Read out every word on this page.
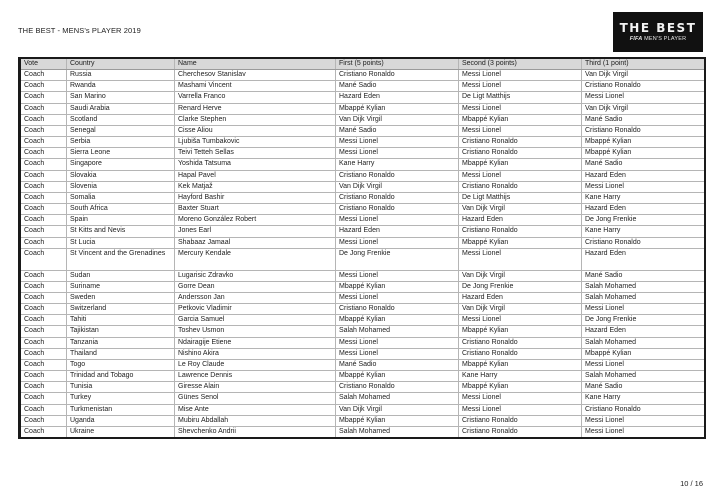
THE BEST - MENS's PLAYER 2019	THE BEST
FIFA MEN'S PLAYER
Vote	Country	Name	First (5 points)	Second (3 points)	Third (1 point)
Coach	Russia	Cherchesov Stanislav	Cristiano Ronaldo	Messi Lionel	Van Dijk Virgil
Coach	Rwanda	Mashami Vincent	Mané Sadio	Messi Lionel	Cristiano Ronaldo
Coach	San Marino	Varrella Franco	Hazard Eden	De Ligt Matthijs	Messi Lionel
Coach	Saudi Arabia	Renard Herve	Mbappé Kylian	Messi Lionel	Van Dijk Virgil
Coach	Scotland	Clarke Stephen	Van Dijk Virgil	Mbappé Kylian	Mané Sadio
Coach	Senegal	Cisse Aliou	Mané Sadio	Messi Lionel	Cristiano Ronaldo
Coach	Serbia	Ljubiša Tumbakovic	Messi Lionel	Cristiano Ronaldo	Mbappé Kylian
Coach	Sierra Leone	Teivi Tetteh Sellas	Messi Lionel	Cristiano Ronaldo	Mbappé Kylian
Coach	Singapore	Yoshida Tatsuma	Kane Harry	Mbappé Kylian	Mané Sadio
Coach	Slovakia	Hapal Pavel	Cristiano Ronaldo	Messi Lionel	Hazard Eden
Coach	Slovenia	Kek Matjaž	Van Dijk Virgil	Cristiano Ronaldo	Messi Lionel
Coach	Somalia	Hayford Bashir	Cristiano Ronaldo	De Ligt Matthijs	Kane Harry
Coach	South Africa	Baxter Stuart	Cristiano Ronaldo	Van Dijk Virgil	Hazard Eden
Coach	Spain	Moreno González Robert	Messi Lionel	Hazard Eden	De Jong Frenkie
Coach	St Kitts and Nevis	Jones Earl	Hazard Eden	Cristiano Ronaldo	Kane Harry
Coach	St Lucia	Shabaaz Jamaal	Messi Lionel	Mbappé Kylian	Cristiano Ronaldo
Coach	St Vincent and the Grenadines	Mercury Kendale	De Jong Frenkie	Messi Lionel	Hazard Eden
Coach	Sudan	Lugarisic Zdravko	Messi Lionel	Van Dijk Virgil	Mané Sadio
Coach	Suriname	Gorre Dean	Mbappé Kylian	De Jong Frenkie	Salah Mohamed
Coach	Sweden	Andersson Jan	Messi Lionel	Hazard Eden	Salah Mohamed
Coach	Switzerland	Petkovic Vladimir	Cristiano Ronaldo	Van Dijk Virgil	Messi Lionel
Coach	Tahiti	Garcia Samuel	Mbappé Kylian	Messi Lionel	De Jong Frenkie
Coach	Tajikistan	Toshev Usmon	Salah Mohamed	Mbappé Kylian	Hazard Eden
Coach	Tanzania	Ndairagije Etiene	Messi Lionel	Cristiano Ronaldo	Salah Mohamed
Coach	Thailand	Nishino Akira	Messi Lionel	Cristiano Ronaldo	Mbappé Kylian
Coach	Togo	Le Roy Claude	Mané Sadio	Mbappé Kylian	Messi Lionel
Coach	Trinidad and Tobago	Lawrence Dennis	Mbappé Kylian	Kane Harry	Salah Mohamed
Coach	Tunisia	Giresse Alain	Cristiano Ronaldo	Mbappé Kylian	Mané Sadio
Coach	Turkey	Günes Senol	Salah Mohamed	Messi Lionel	Kane Harry
Coach	Turkmenistan	Mise Ante	Van Dijk Virgil	Messi Lionel	Cristiano Ronaldo
Coach	Uganda	Mubiru Abdallah	Mbappé Kylian	Cristiano Ronaldo	Messi Lionel
Coach	Ukraine	Shevchenko Andrii	Salah Mohamed	Cristiano Ronaldo	Messi Lionel
10 / 16
